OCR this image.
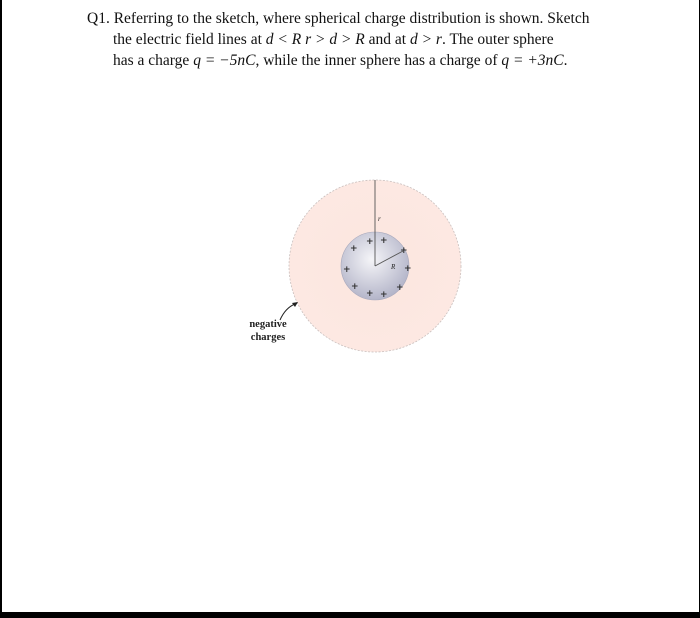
Q1. Referring to the sketch, where spherical charge distribution is shown. Sketch
the electric field lines at d < R r > d > R and at d > r. The outer sphere
has a charge q = −5nC, while the inner sphere has a charge of q = +3nC.
r
R
+
+ +
+
+	+
+
+ +
+
negative
charges
